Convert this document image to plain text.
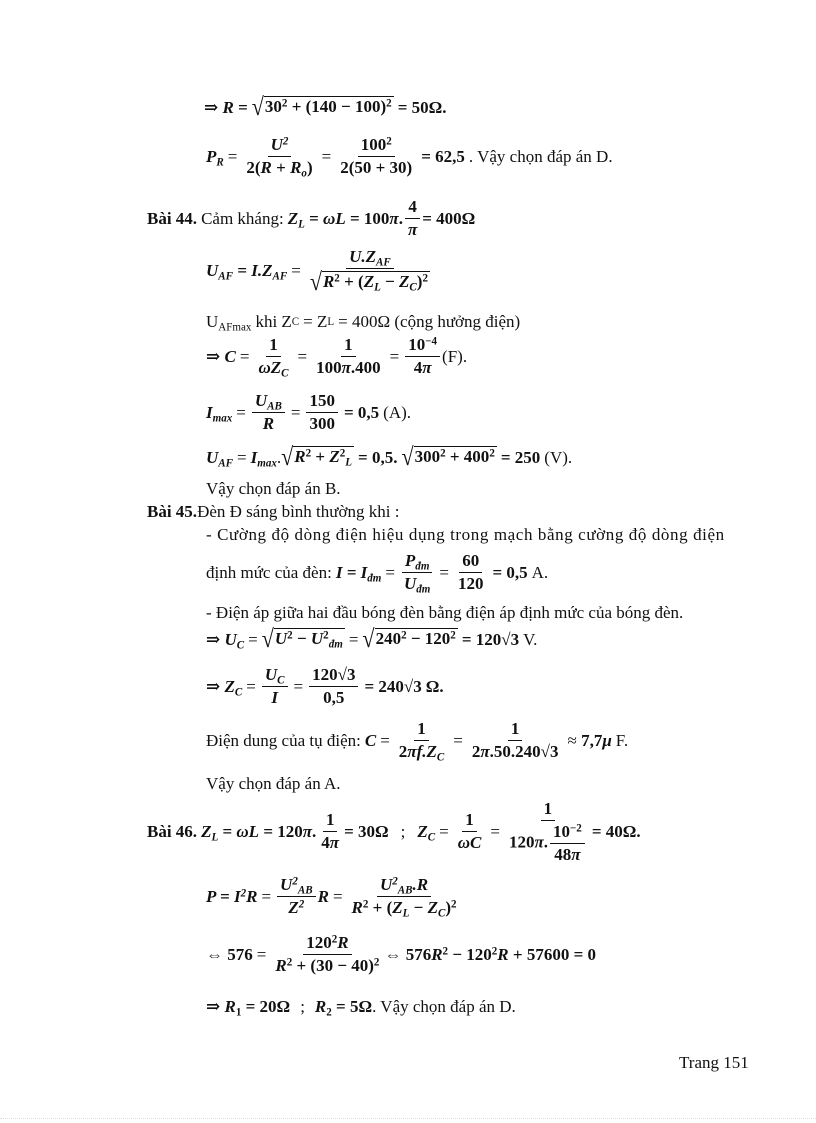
⇒ R = √ $30^2 + (140 - 100)^2 = 50\Omega$.
$P_R = \frac{U^2}{2(R + R_o)} = \frac{100^2}{2(50 + 30)} = 62,5$ . Vậy chọn đáp án D.
Bài 44. Cảm kháng: $Z_L = \omega L = 100\pi$. $\frac{4}{\pi} = 400\Omega$
$U_{AF} = I.Z_{AF} = \frac{U.Z_{AF}}{√ R^2 + (Z_L - Z_C)^2}$
$U_{AFmax}$ khi Z C = Z L = 400Ω (cộng hưởng điện)
⇒ $C = \frac{1}{\omega Z_C} = \frac{1}{100\pi.400} = \frac{10^{-4}}{4\pi} (F)$.
$I_{max} = \frac{U_{AB}}{R} = \frac{150}{300} = 0,5$ (A).
$U_{AF} = I_{max}$ . √ $R^2 + Z^2_L = 0,5$. √ $300^2 + 400^2 = 250$ (V).
Vậy chọn đáp án B.
Bài 45. Đèn Đ sáng bình thường khi :
- Cường độ dòng điện hiệu dụng trong mạch bằng cường độ dòng điện
định mức của đèn: $I = I_{đm} = \frac{P_{đm}}{U_{đm}} = \frac{60}{120} = 0,5$ A.
- Điện áp giữa hai đầu bóng đèn bằng điện áp định mức của bóng đèn.
⇒ $U_C$ = √ $U^2 - U^2_{đm}$ = √ $240^2 - 120^2 = 120√3$ V.
⇒ $Z_C = \frac{U_C}{I} = \frac{120√3}{0,5} = 240√3$ Ω.
Điện dung của tụ điện: $C = \frac{1}{2\pi f.Z_C} = \frac{1}{2\pi.50.240√3} \approx 7,7\mu$ F.
Vậy chọn đáp án A.
Bài 46. $Z_L = \omega L = 120\pi$. $\frac{1}{4\pi} = 30\Omega$ ; $Z_C = \frac{1}{\omega C} = \frac{1}{120\pi. \frac{10^{-2}}{48\pi}} = 40\Omega$.
$P = I^2R = \frac{U^2_{AB}}{Z^2}$ $R = \frac{U^2_{AB}.R}{R^2 + (Z_L - Z_C)^2}$
⇔ $576 = \frac{120^2R}{R^2 + (30 - 40)^2}$ ⇔ $576R^2 - 120^2R + 57600 = 0$
⇒ $R_1 = 20\Omega$ ; $R_2 = 5\Omega$ . Vậy chọn đáp án D.
Trang 151
